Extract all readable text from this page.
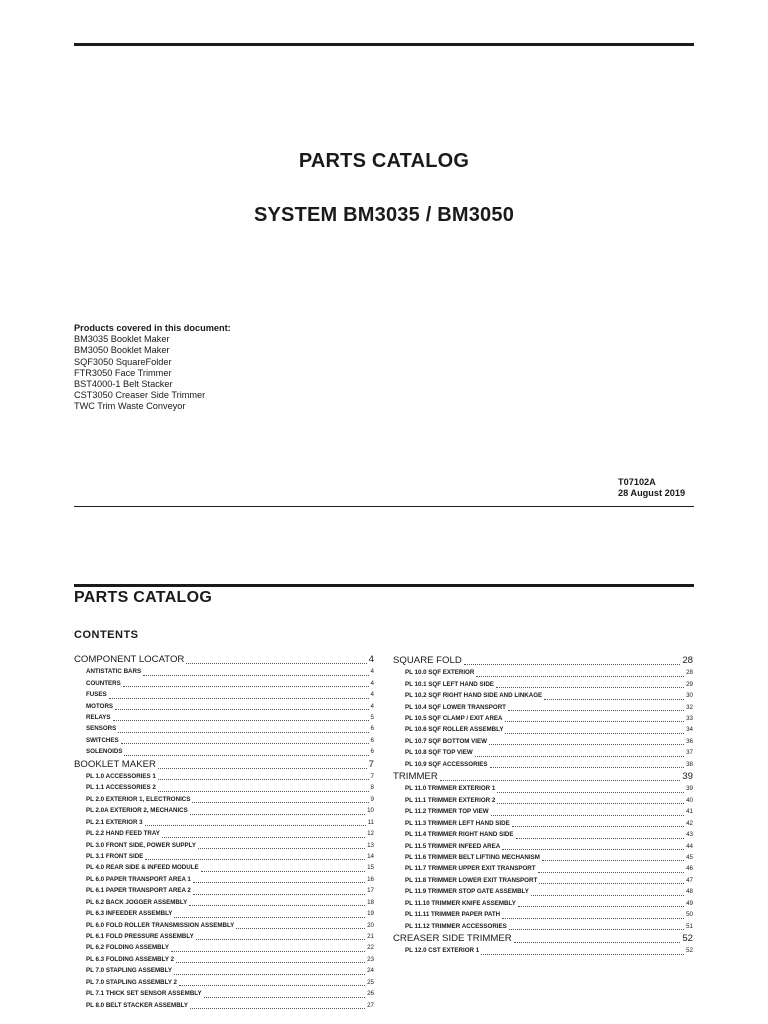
PARTS CATALOG
SYSTEM BM3035 / BM3050
Products covered in this document:
BM3035 Booklet Maker
BM3050 Booklet Maker
SQF3050 SquareFolder
FTR3050 Face Trimmer
BST4000-1 Belt Stacker
CST3050 Creaser Side Trimmer
TWC Trim Waste Conveyor
T07102A
28 August 2019
PARTS CATALOG
CONTENTS
COMPONENT LOCATOR	4
ANTISTATIC BARS	4
COUNTERS	4
FUSES	4
MOTORS	4
RELAYS	5
SENSORS	6
SWITCHES	6
SOLENOIDS	6
BOOKLET MAKER	7
PL 1.0 ACCESSORIES 1	7
PL 1.1 ACCESSORIES 2	8
PL 2.0 EXTERIOR 1, ELECTRONICS	9
PL 2.0A EXTERIOR 2, MECHANICS	10
PL 2.1 EXTERIOR 3	11
PL 2.2 HAND FEED TRAY	12
PL 3.0 FRONT SIDE, POWER SUPPLY	13
PL 3.1 FRONT SIDE	14
PL 4.0 REAR SIDE & INFEED MODULE	15
PL 6.0 PAPER TRANSPORT AREA 1	16
PL 6.1 PAPER TRANSPORT AREA 2	17
PL 6.2 BACK JOGGER ASSEMBLY	18
PL 6.3 INFEEDER ASSEMBLY	19
PL 6.0 FOLD ROLLER TRANSMISSION ASSEMBLY	20
PL 6.1 FOLD PRESSURE ASSEMBLY	21
PL 6.2 FOLDING ASSEMBLY	22
PL 6.3 FOLDING ASSEMBLY 2	23
PL 7.0 STAPLING ASSEMBLY	24
PL 7.0 STAPLING ASSEMBLY 2	25
PL 7.1 THICK SET SENSOR ASSEMBLY	26
PL 8.0 BELT STACKER ASSEMBLY	27
SQUARE FOLD	28
PL 10.0 SQF EXTERIOR	28
PL 10.1 SQF LEFT HAND SIDE	29
PL 10.2 SQF RIGHT HAND SIDE AND LINKAGE	30
PL 10.4 SQF LOWER TRANSPORT	32
PL 10.5 SQF CLAMP / EXIT AREA	33
PL 10.6 SQF ROLLER ASSEMBLY	34
PL 10.7 SQF BOTTOM VIEW	36
PL 10.8 SQF TOP VIEW	37
PL 10.9 SQF ACCESSORIES	38
TRIMMER	39
PL 11.0 TRIMMER EXTERIOR 1	39
PL 11.1 TRIMMER EXTERIOR 2	40
PL 11.2 TRIMMER TOP VIEW	41
PL 11.3 TRIMMER LEFT HAND SIDE	42
PL 11.4 TRIMMER RIGHT HAND SIDE	43
PL 11.5 TRIMMER INFEED AREA	44
PL 11.6 TRIMMER BELT LIFTING MECHANISM	45
PL 11.7 TRIMMER UPPER EXIT TRANSPORT	46
PL 11.8 TRIMMER LOWER EXIT TRANSPORT	47
PL 11.9 TRIMMER STOP GATE ASSEMBLY	48
PL 11.10 TRIMMER KNIFE ASSEMBLY	49
PL 11.11 TRIMMER PAPER PATH	50
PL 11.12 TRIMMER ACCESSORIES	51
CREASER SIDE TRIMMER	52
PL 12.0 CST EXTERIOR 1	52
